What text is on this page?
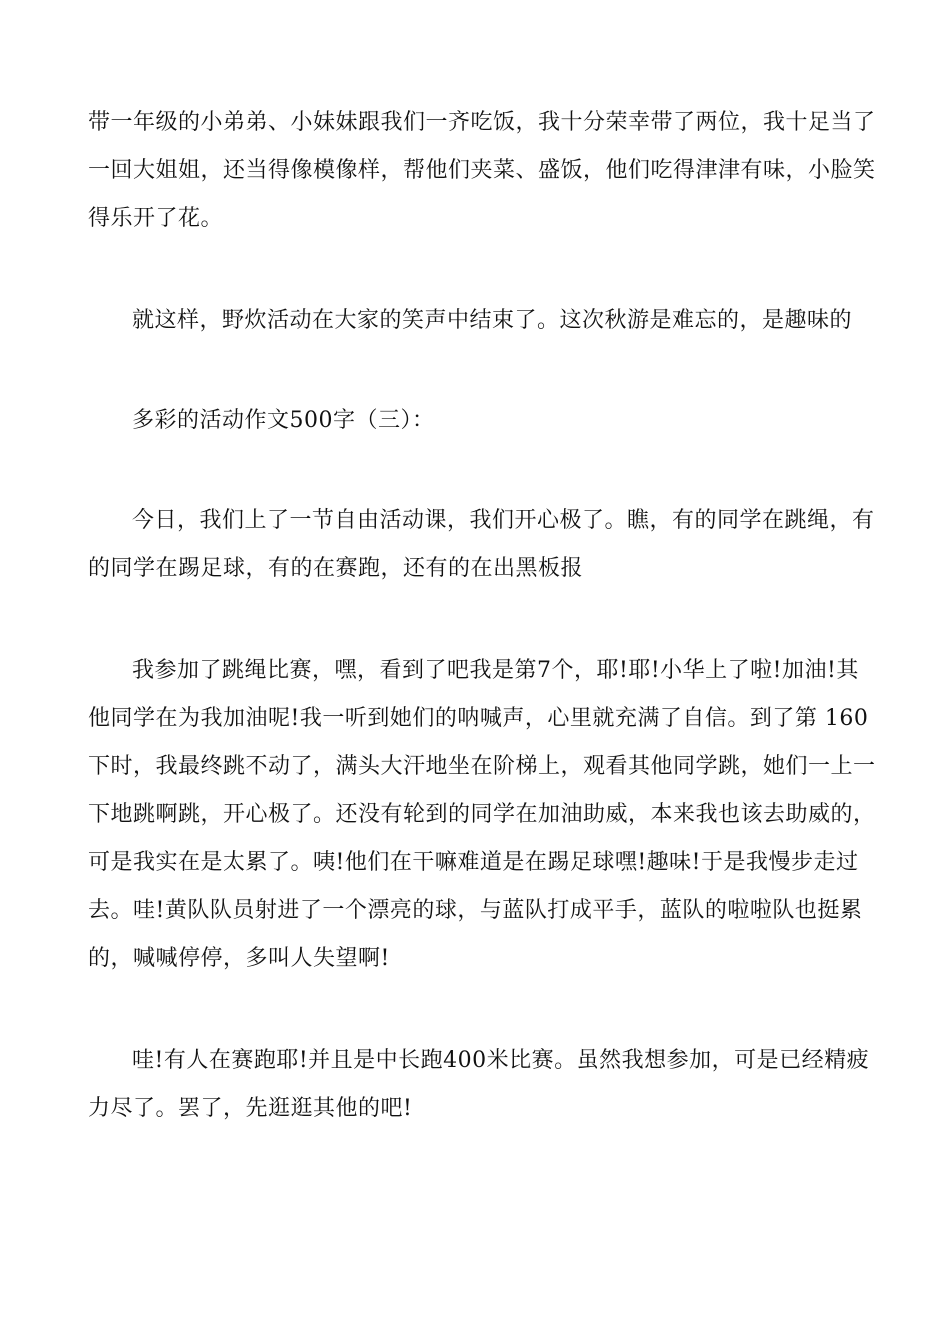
带一年级的小弟弟、小妹妹跟我们一齐吃饭，我十分荣幸带了两位，我十足当了
一回大姐姐，还当得像模像样，帮他们夹菜、盛饭，他们吃得津津有味，小脸笑
得乐开了花。
就这样，野炊活动在大家的笑声中结束了。这次秋游是难忘的，是趣味的
多彩的活动作文500字（三）：
今日，我们上了一节自由活动课，我们开心极了。瞧，有的同学在跳绳，有
的同学在踢足球，有的在赛跑，还有的在出黑板报
我参加了跳绳比赛，嘿，看到了吧我是第7个，耶!耶!小华上了啦!加油!其
他同学在为我加油呢!我一听到她们的呐喊声，心里就充满了自信。到了第 160
下时，我最终跳不动了，满头大汗地坐在阶梯上，观看其他同学跳，她们一上一
下地跳啊跳，开心极了。还没有轮到的同学在加油助威，本来我也该去助威的，
可是我实在是太累了。咦!他们在干嘛难道是在踢足球嘿!趣味!于是我慢步走过
去。哇!黄队队员射进了一个漂亮的球，与蓝队打成平手，蓝队的啦啦队也挺累
的，喊喊停停，多叫人失望啊!
哇!有人在赛跑耶!并且是中长跑400米比赛。虽然我想参加，可是已经精疲
力尽了。罢了，先逛逛其他的吧!
